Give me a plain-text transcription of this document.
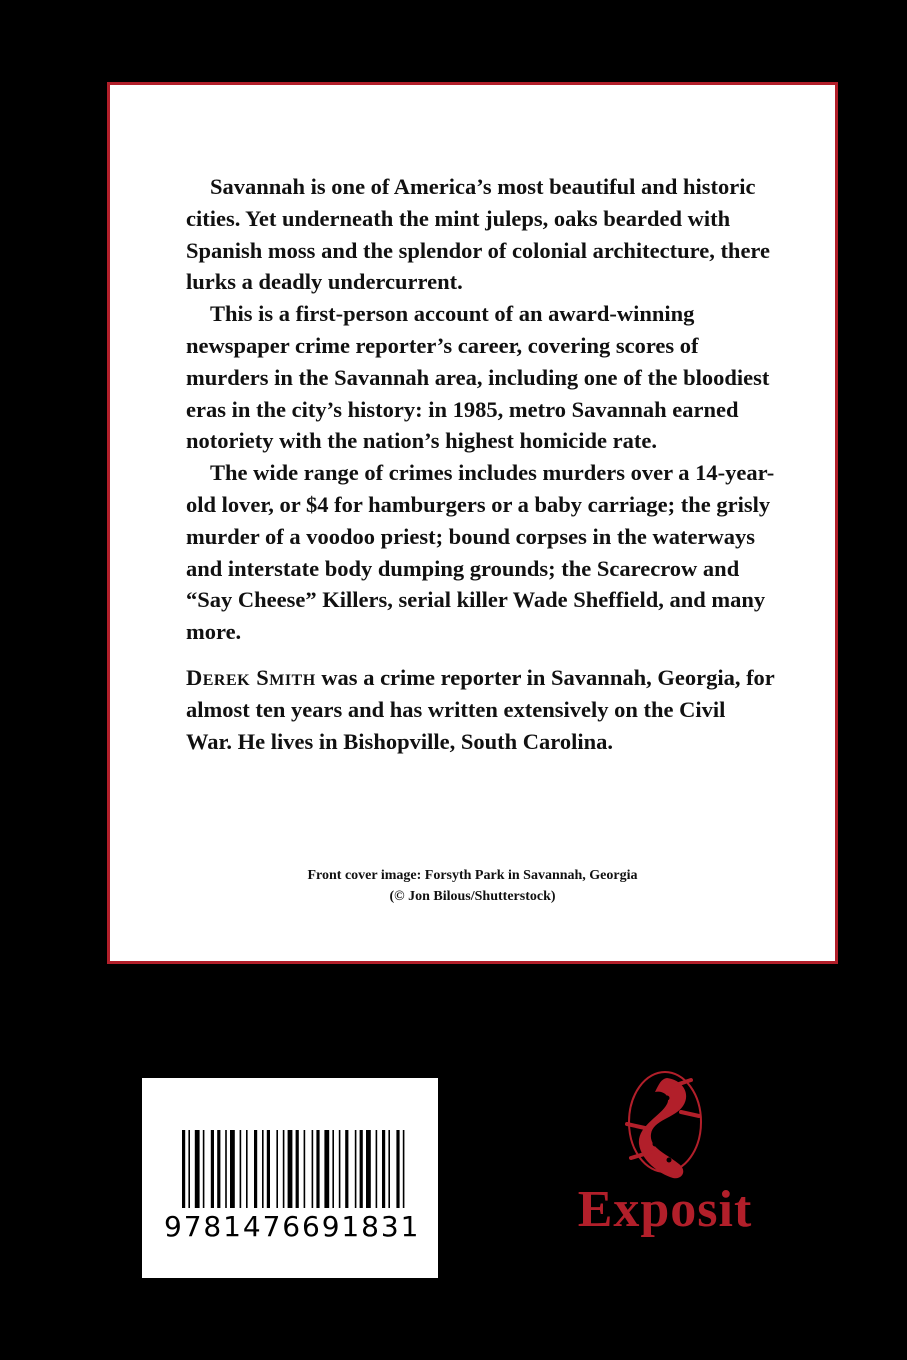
Savannah is one of America’s most beautiful and historic cities. Yet underneath the mint juleps, oaks bearded with Spanish moss and the splendor of colonial architecture, there lurks a deadly undercurrent.

This is a first-person account of an award-winning newspaper crime reporter’s career, covering scores of murders in the Savannah area, including one of the bloodiest eras in the city’s history: in 1985, metro Savannah earned notoriety with the nation’s highest homicide rate.

The wide range of crimes includes murders over a 14-year-old lover, or $4 for hamburgers or a baby carriage; the grisly murder of a voodoo priest; bound corpses in the waterways and interstate body dumping grounds; the Scarecrow and “Say Cheese” Killers, serial killer Wade Sheffield, and many more.

Derek Smith was a crime reporter in Savannah, Georgia, for almost ten years and has written extensively on the Civil War. He lives in Bishopville, South Carolina.

Front cover image: Forsyth Park in Savannah, Georgia
(© Jon Bilous/Shutterstock)
9781476691831	Exposit
